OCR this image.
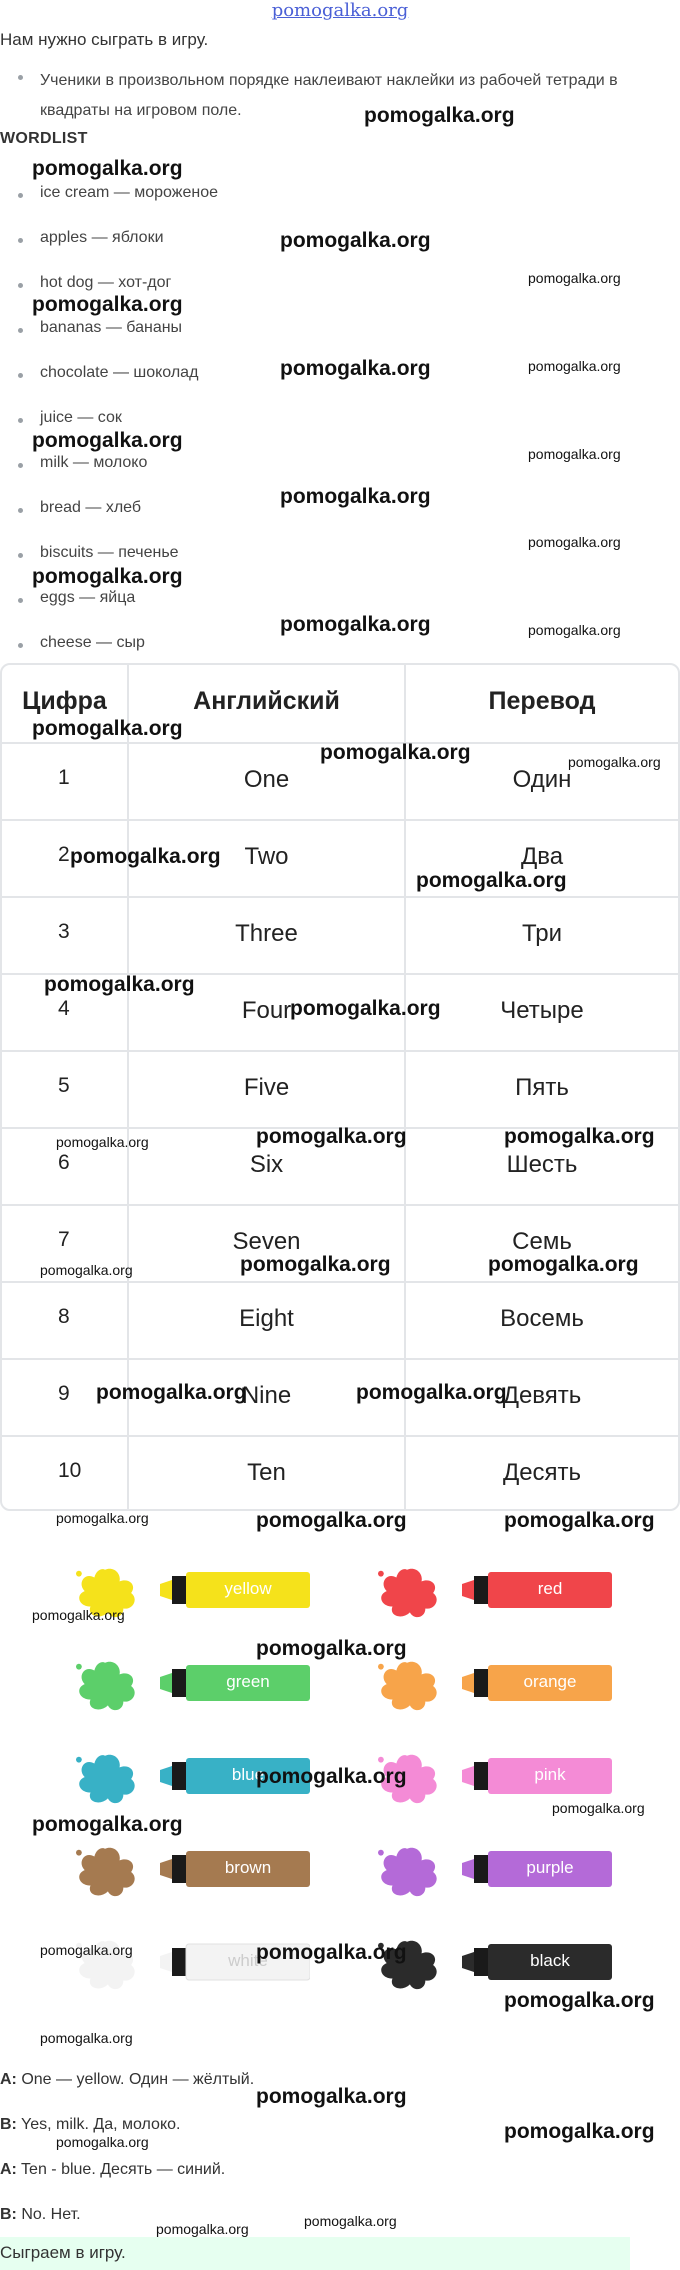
pomogalka.org
Нам нужно сыграть в игру.
Ученики в произвольном порядке наклеивают наклейки из рабочей тетради в квадраты на игровом поле.
WORDLIST
ice cream — мороженое
apples — яблоки
hot dog — хот-дог
bananas — бананы
chocolate — шоколад
juice — сок
milk — молоко
bread — хлеб
biscuits — печенье
eggs — яйца
cheese — сыр
Цифра	Английский	Перевод
1	One	Один
2	Two	Два
3	Three	Три
4	Four	Четыре
5	Five	Пять
6	Six	Шесть
7	Seven	Семь
8	Eight	Восемь
9	Nine	Девять
10	Ten	Десять
yellow	red
green	orange
blue	pink
brown	purple
white	black
A: One — yellow. Один — жёлтый.
B: Yes, milk. Да, молоко.
A: Ten - blue. Десять — синий.
B: No. Нет.
Сыграем в игру.
pomogalka.org
pomogalka.org
pomogalka.org
pomogalka.org
pomogalka.org
pomogalka.org	pomogalka.org
pomogalka.org
pomogalka.org
pomogalka.org
pomogalka.org
pomogalka.org
pomogalka.org	pomogalka.org
pomogalka.org
pomogalka.org	pomogalka.org
pomogalka.org
pomogalka.org
pomogalka.org
pomogalka.org
pomogalka.org	pomogalka.org	pomogalka.org
pomogalka.org	pomogalka.org	pomogalka.org
pomogalka.org	pomogalka.org
pomogalka.org	pomogalka.org	pomogalka.org
pomogalka.org
pomogalka.org
pomogalka.org
pomogalka.org
pomogalka.org
pomogalka.org	pomogalka.org
pomogalka.org
pomogalka.org
pomogalka.org
pomogalka.org	pomogalka.org
pomogalka.org	pomogalka.org
